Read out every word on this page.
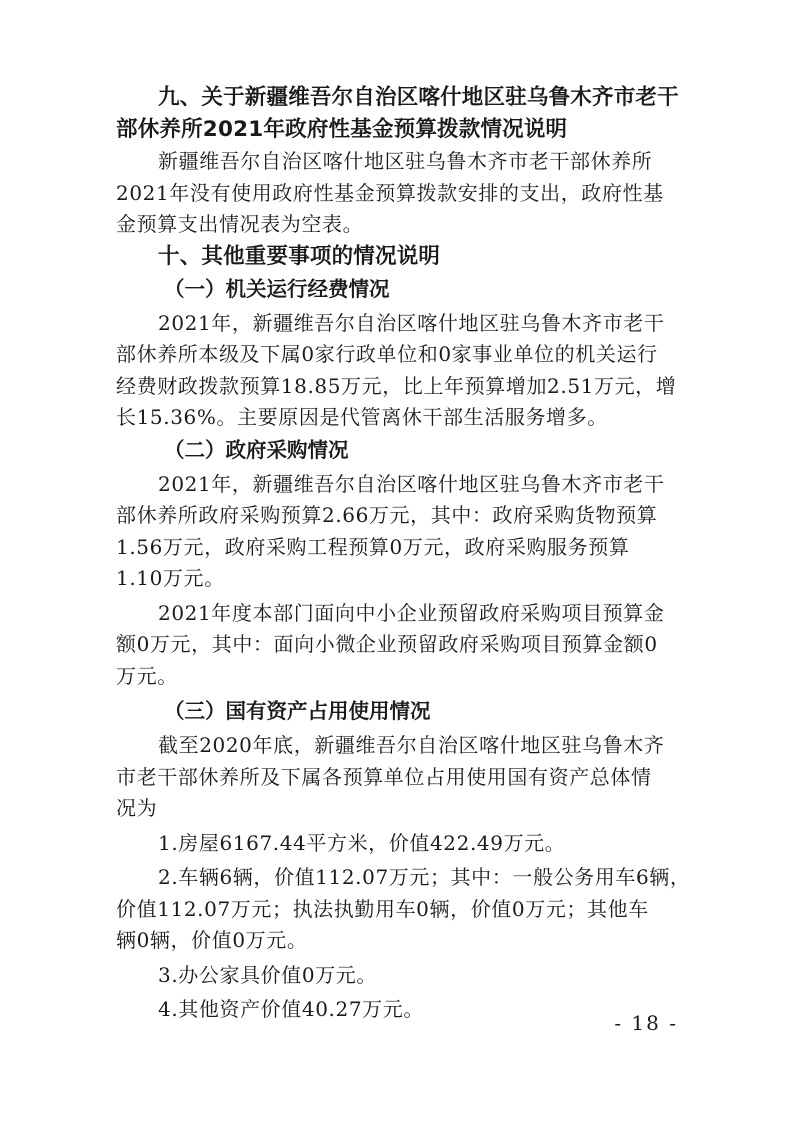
九、关于新疆维吾尔自治区喀什地区驻乌鲁木齐市老干
部休养所2021年政府性基金预算拨款情况说明
新疆维吾尔自治区喀什地区驻乌鲁木齐市老干部休养所
2021年没有使用政府性基金预算拨款安排的支出，政府性基
金预算支出情况表为空表。
十、其他重要事项的情况说明
（一）机关运行经费情况
2021年，新疆维吾尔自治区喀什地区驻乌鲁木齐市老干
部休养所本级及下属0家行政单位和0家事业单位的机关运行
经费财政拨款预算18.85万元，比上年预算增加2.51万元，增
长15.36%。主要原因是代管离休干部生活服务增多。
（二）政府采购情况
2021年，新疆维吾尔自治区喀什地区驻乌鲁木齐市老干
部休养所政府采购预算2.66万元，其中：政府采购货物预算
1.56万元，政府采购工程预算0万元，政府采购服务预算
1.10万元。
2021年度本部门面向中小企业预留政府采购项目预算金
额0万元，其中：面向小微企业预留政府采购项目预算金额0
万元。
（三）国有资产占用使用情况
截至2020年底，新疆维吾尔自治区喀什地区驻乌鲁木齐
市老干部休养所及下属各预算单位占用使用国有资产总体情
况为
1.房屋6167.44平方米，价值422.49万元。
2.车辆6辆，价值112.07万元；其中：一般公务用车6辆，
价值112.07万元；执法执勤用车0辆，价值0万元；其他车
辆0辆，价值0万元。
3.办公家具价值0万元。
4.其他资产价值40.27万元。
- 18 -
